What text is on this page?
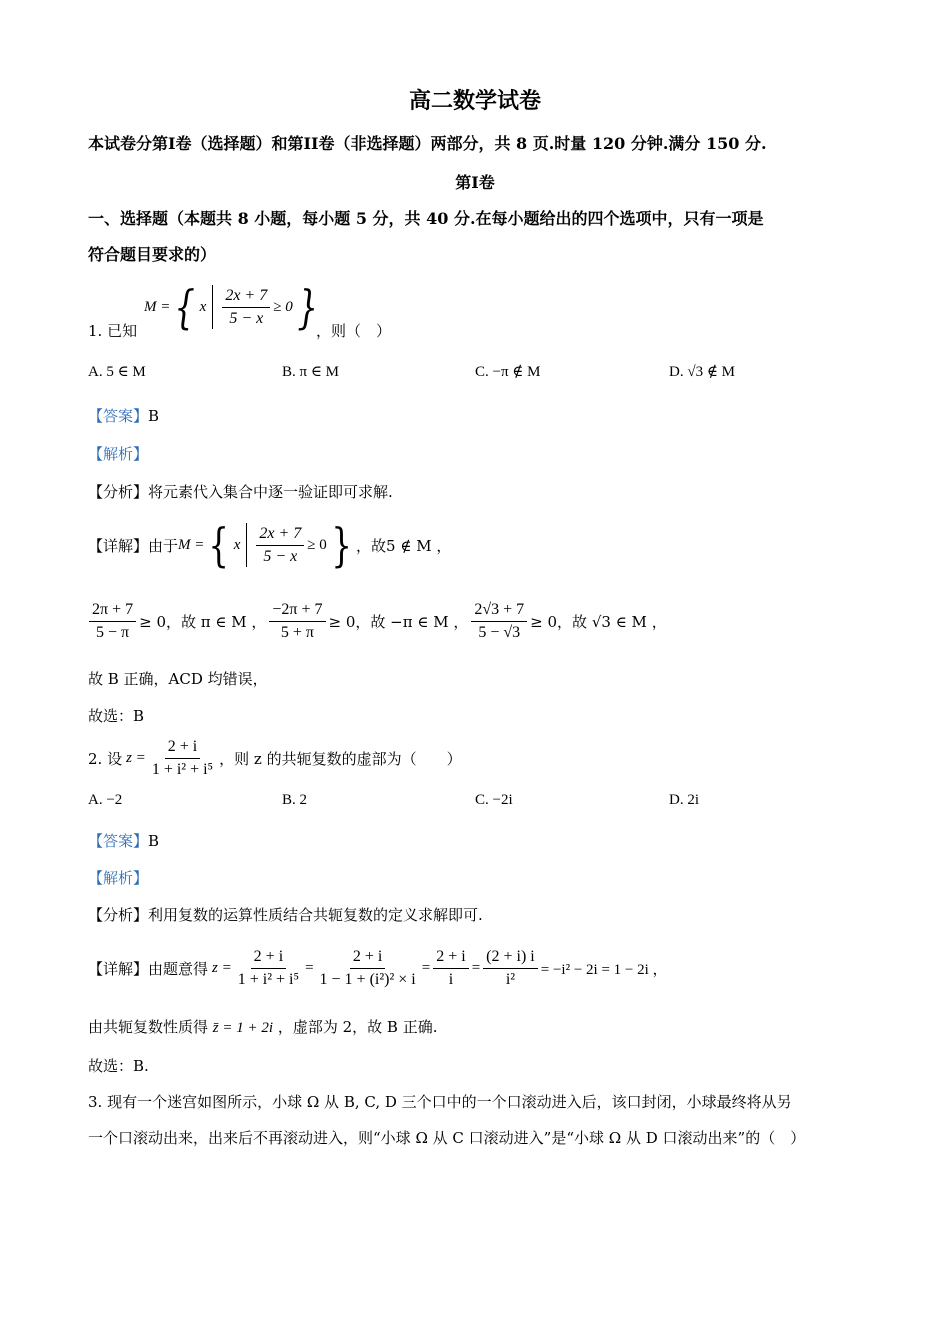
高二数学试卷
本试卷分第I卷（选择题）和第II卷（非选择题）两部分，共 8 页.时量 120 分钟.满分 150 分.
第I卷
一、选择题（本题共 8 小题，每小题 5 分，共 40 分.在每小题给出的四个选项中，只有一项是
符合题目要求的）
M = { x $\frac{2x + 7}{5 - x} \ge 0$ }
1. 已知	，则（　）
A. 5 ∈ M	B. π ∈ M	C. −π ∉ M	D. √3 ∉ M
【答案】B
【解析】
【分析】将元素代入集合中逐一验证即可求解.
【详解】 由于 M = { x $\frac{2x + 7}{5 - x} \ge 0$ } ，故5 ∉ M ，
$\frac{2\pi + 7}{5 - \pi} \ge 0$，故 π ∈ M ， $\frac{-2\pi + 7}{5 + \pi} \ge 0$，故 −π ∈ M ， $\frac{2√3 + 7}{5 - √3} \ge 0$，故 √3 ∈ M ，
故 B 正确，ACD 均错误，
故选：B
2. 设 $z = \frac{2 + i}{\text{1 + i² + i⁵}}$ ，则 z 的共轭复数的虚部为（　　）
A. −2	B. 2	C. −2i	D. 2i
【答案】B
【解析】
【分析】利用复数的运算性质结合共轭复数的定义求解即可.
【详解】 由题意得 $z = \frac{2 + i}{\text{1 + i² + i⁵}} = \frac{2 + i}{\text{1 − 1 + (i²)² × i}} = \frac{2 + i}{i} = \frac{(2 + i) i}{\text{i²}} = -i^2 - 2i = 1 - 2i$ ，
由共轭复数性质得 z̄ = 1 + 2i ，虚部为 2，故 B 正确.
故选：B.
3. 现有一个迷宫如图所示，小球 Ω 从 B, C, D 三个口中的一个口滚动进入后，该口封闭，小球最终将从另
一个口滚动出来，出来后不再滚动进入，则“小球 Ω 从 C 口滚动进入”是“小球 Ω 从 D 口滚动出来”的（　）
